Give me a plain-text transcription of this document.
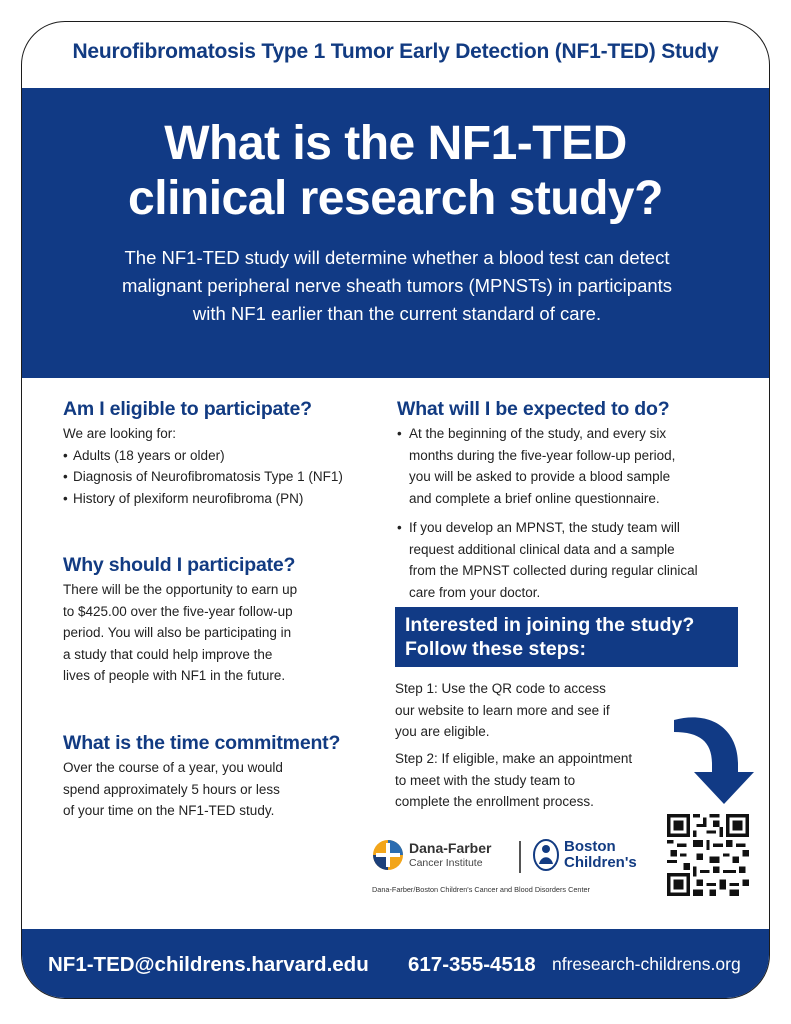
Neurofibromatosis Type 1 Tumor Early Detection (NF1-TED) Study
What is the NF1-TED
clinical research study?

The NF1-TED study will determine whether a blood test can detect
malignant peripheral nerve sheath tumors (MPNSTs) in participants
with NF1 earlier than the current standard of care.

Am I eligible to participate?
We are looking for:
• Adults (18 years or older)
• Diagnosis of Neurofibromatosis Type 1 (NF1)
• History of plexiform neurofibroma (PN)
Why should I participate?
There will be the opportunity to earn up
to $425.00 over the five-year follow-up
period. You will also be participating in
a study that could help improve the
lives of people with NF1 in the future.
What is the time commitment?
Over the course of a year, you would
spend approximately 5 hours or less
of your time on the NF1-TED study.
What will I be expected to do?
• At the beginning of the study, and every six
months during the five-year follow-up period,
you will be asked to provide a blood sample
and complete a brief online questionnaire.
• If you develop an MPNST, the study team will
request additional clinical data and a sample
from the MPNST collected during regular clinical
care from your doctor.
Interested in joining the study?
Follow these steps:
Step 1: Use the QR code to access
our website to learn more and see if
you are eligible.
Step 2: If eligible, make an appointment
to meet with the study team to
complete the enrollment process.
Dana-Farber
Cancer Institute
Boston
Children's
Dana-Farber/Boston Children's Cancer and Blood Disorders Center
NF1-TED@childrens.harvard.edu 617-355-4518 nfresearch-childrens.org
